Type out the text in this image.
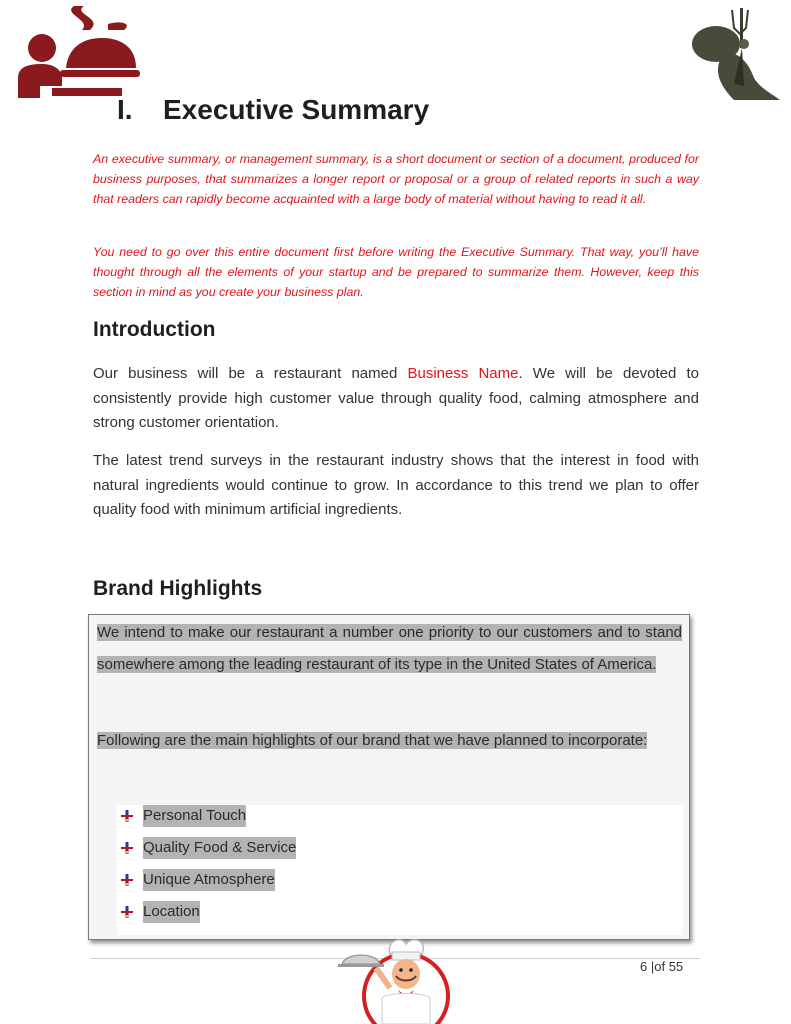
I. Executive Summary

An executive summary, or management summary, is a short document or section of a document, produced for business purposes, that summarizes a longer report or proposal or a group of related reports in such a way that readers can rapidly become acquainted with a large body of material without having to read it all.

You need to go over this entire document first before writing the Executive Summary. That way, you’ll have thought through all the elements of your startup and be prepared to summarize them. However, keep this section in mind as you create your business plan.

Introduction

Our business will be a restaurant named Business Name. We will be devoted to consistently provide high customer value through quality food, calming atmosphere and strong customer orientation.

The latest trend surveys in the restaurant industry shows that the interest in food with natural ingredients would continue to grow. In accordance to this trend we plan to offer quality food with minimum artificial ingredients.

Brand Highlights

We intend to make our restaurant a number one priority to our customers and to stand somewhere among the leading restaurant of its type in the United States of America.

Following are the main highlights of our brand that we have planned to incorporate:

Personal Touch
Quality Food & Service
Unique Atmosphere
Location
6 |of 55
